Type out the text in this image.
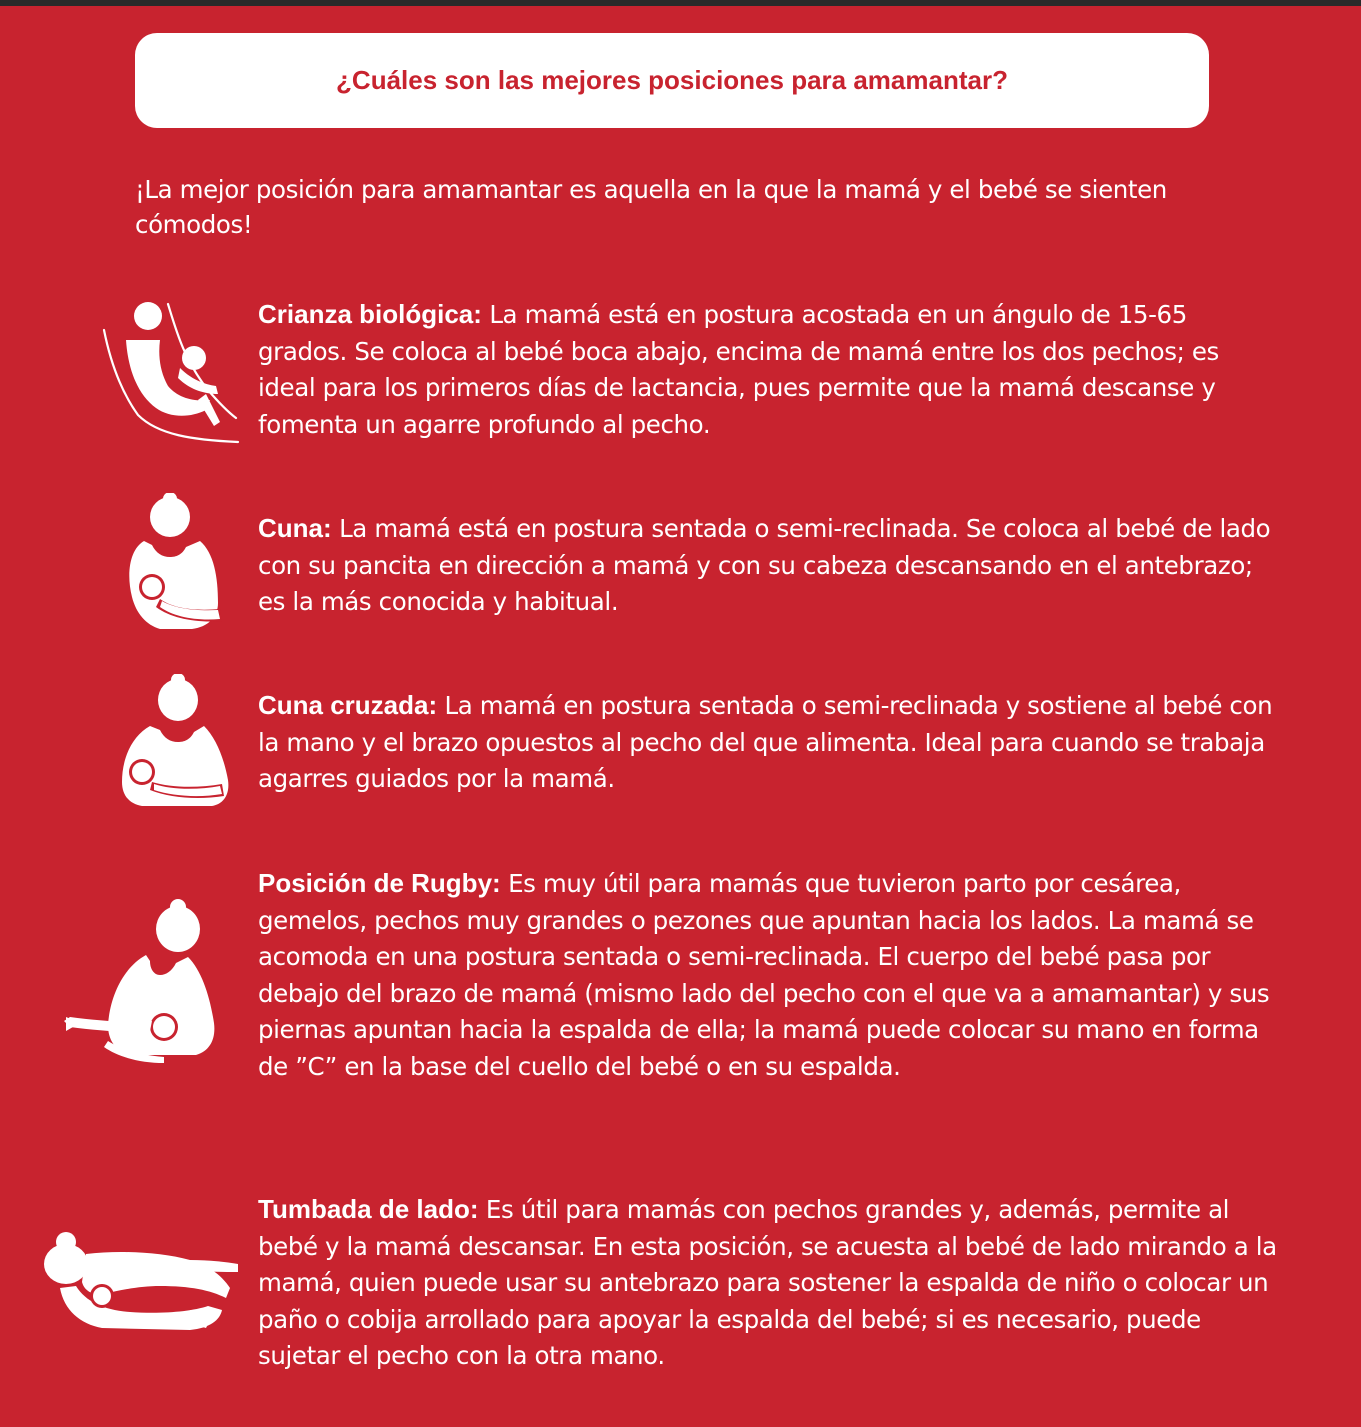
¿Cuáles son las mejores posiciones para amamantar?

¡La mejor posición para amamantar es aquella en la que la mamá y el bebé se sienten cómodos!

Crianza biológica: La mamá está en postura acostada en un ángulo de 15-65 grados. Se coloca al bebé boca abajo, encima de mamá entre los dos pechos; es ideal para los primeros días de lactancia, pues permite que la mamá descanse y fomenta un agarre profundo al pecho.

Cuna: La mamá está en postura sentada o semi-reclinada. Se coloca al bebé de lado con su pancita en dirección a mamá y con su cabeza descansando en el antebrazo; es la más conocida y habitual.

Cuna cruzada: La mamá en postura sentada o semi-reclinada y sostiene al bebé con la mano y el brazo opuestos al pecho del que alimenta. Ideal para cuando se trabaja agarres guiados por la mamá.

Posición de Rugby: Es muy útil para mamás que tuvieron parto por cesárea, gemelos, pechos muy grandes o pezones que apuntan hacia los lados. La mamá se acomoda en una postura sentada o semi-reclinada. El cuerpo del bebé pasa por debajo del brazo de mamá (mismo lado del pecho con el que va a amamantar) y sus piernas apuntan hacia la espalda de ella; la mamá puede colocar su mano en forma de ”C” en la base del cuello del bebé o en su espalda.

Tumbada de lado: Es útil para mamás con pechos grandes y, además, permite al bebé y la mamá descansar. En esta posición, se acuesta al bebé de lado mirando a la mamá, quien puede usar su antebrazo para sostener la espalda de niño o colocar un paño o cobija arrollado para apoyar la espalda del bebé; si es necesario, puede sujetar el pecho con la otra mano.
